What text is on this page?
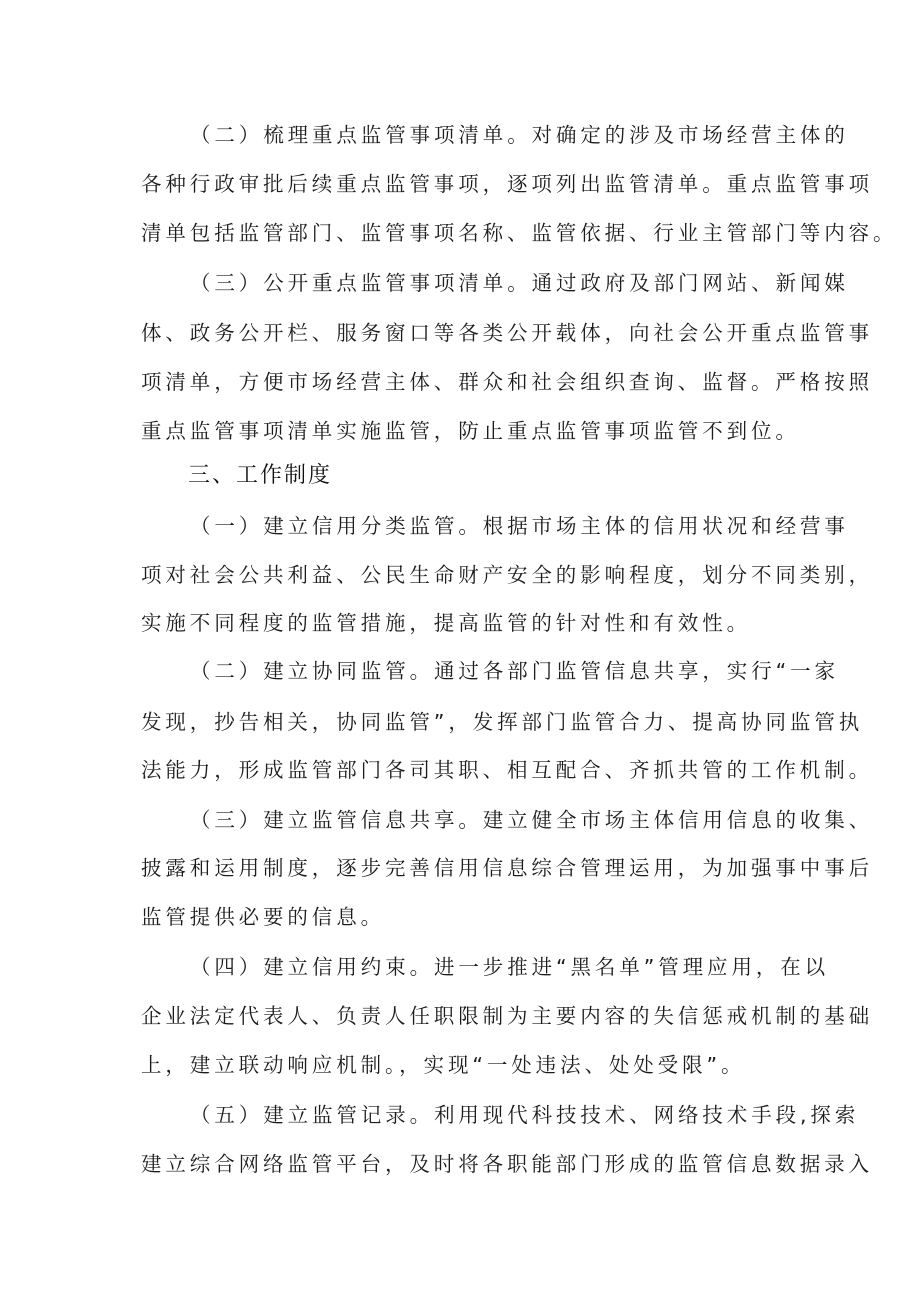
（二）梳理重点监管事项清单。对确定的涉及市场经营主体的
各种行政审批后续重点监管事项，逐项列出监管清单。重点监管事项
清单包括监管部门、监管事项名称、监管依据、行业主管部门等内容。
（三）公开重点监管事项清单。通过政府及部门网站、新闻媒
体、政务公开栏、服务窗口等各类公开载体，向社会公开重点监管事
项清单，方便市场经营主体、群众和社会组织查询、监督。严格按照
重点监管事项清单实施监管，防止重点监管事项监管不到位。
三、工作制度
（一）建立信用分类监管。根据市场主体的信用状况和经营事
项对社会公共利益、公民生命财产安全的影响程度，划分不同类别，
实施不同程度的监管措施，提高监管的针对性和有效性。
（二）建立协同监管。通过各部门监管信息共享，实行“一家
发现，抄告相关，协同监管”，发挥部门监管合力、提高协同监管执
法能力，形成监管部门各司其职、相互配合、齐抓共管的工作机制。
（三）建立监管信息共享。建立健全市场主体信用信息的收集、
披露和运用制度，逐步完善信用信息综合管理运用，为加强事中事后
监管提供必要的信息。
（四）建立信用约束。进一步推进“黑名单”管理应用，在以
企业法定代表人、负责人任职限制为主要内容的失信惩戒机制的基础
上，建立联动响应机制。，实现“一处违法、处处受限”。
（五）建立监管记录。利用现代科技技术、网络技术手段,探索
建立综合网络监管平台，及时将各职能部门形成的监管信息数据录入
